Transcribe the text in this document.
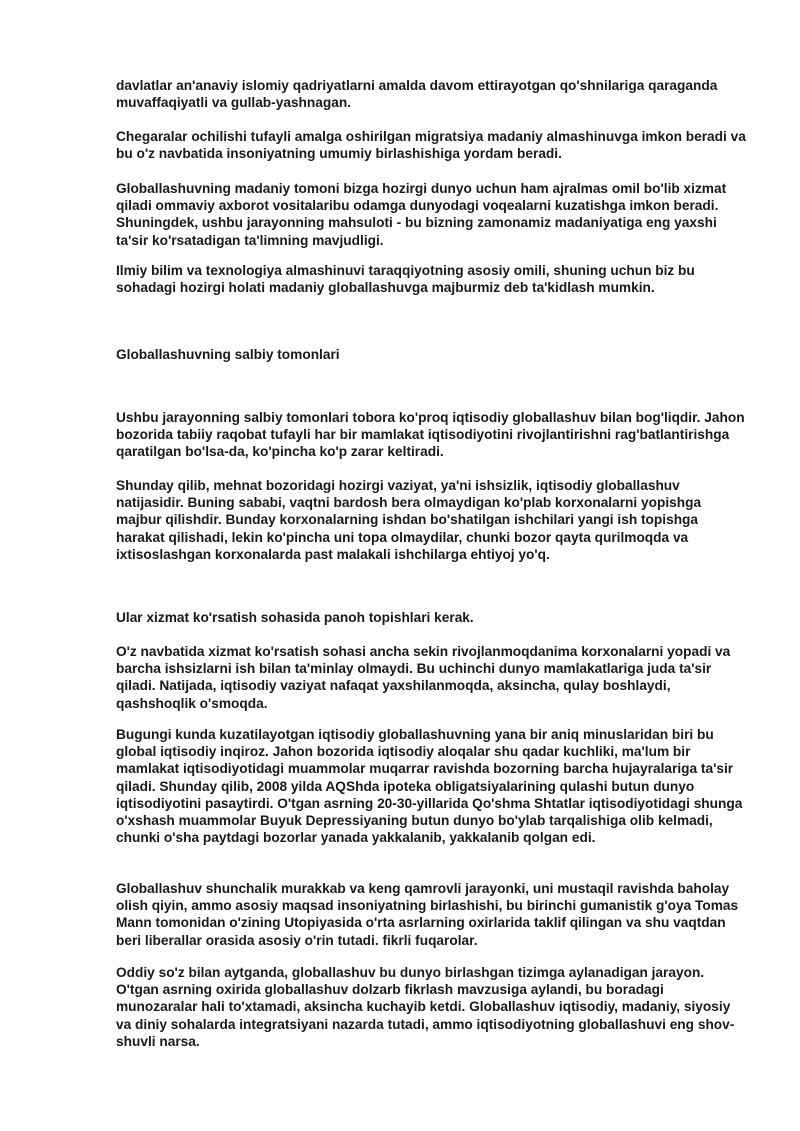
davlatlar an'anaviy islomiy qadriyatlarni amalda davom ettirayotgan qo'shnilariga qaraganda muvaffaqiyatli va gullab-yashnagan.

Chegaralar ochilishi tufayli amalga oshirilgan migratsiya madaniy almashinuvga imkon beradi va bu o'z navbatida insoniyatning umumiy birlashishiga yordam beradi.

Globallashuvning madaniy tomoni bizga hozirgi dunyo uchun ham ajralmas omil bo'lib xizmat qiladi ommaviy axborot vositalaribu odamga dunyodagi voqealarni kuzatishga imkon beradi. Shuningdek, ushbu jarayonning mahsuloti - bu bizning zamonamiz madaniyatiga eng yaxshi ta'sir ko'rsatadigan ta'limning mavjudligi.

Ilmiy bilim va texnologiya almashinuvi taraqqiyotning asosiy omili, shuning uchun biz bu sohadagi hozirgi holati madaniy globallashuvga majburmiz deb ta'kidlash mumkin.

Globallashuvning salbiy tomonlari

Ushbu jarayonning salbiy tomonlari tobora ko'proq iqtisodiy globallashuv bilan bog'liqdir. Jahon bozorida tabiiy raqobat tufayli har bir mamlakat iqtisodiyotini rivojlantirishni rag'batlantirishga qaratilgan bo'lsa-da, ko'pincha ko'p zarar keltiradi.

Shunday qilib, mehnat bozoridagi hozirgi vaziyat, ya'ni ishsizlik, iqtisodiy globallashuv natijasidir. Buning sababi, vaqtni bardosh bera olmaydigan ko'plab korxonalarni yopishga majbur qilishdir. Bunday korxonalarning ishdan bo'shatilgan ishchilari yangi ish topishga harakat qilishadi, lekin ko'pincha uni topa olmaydilar, chunki bozor qayta qurilmoqda va ixtisoslashgan korxonalarda past malakali ishchilarga ehtiyoj yo'q.

Ular xizmat ko'rsatish sohasida panoh topishlari kerak.

O'z navbatida xizmat ko'rsatish sohasi ancha sekin rivojlanmoqdanima korxonalarni yopadi va barcha ishsizlarni ish bilan ta'minlay olmaydi. Bu uchinchi dunyo mamlakatlariga juda ta'sir qiladi. Natijada, iqtisodiy vaziyat nafaqat yaxshilanmoqda, aksincha, qulay boshlaydi, qashshoqlik o'smoqda.

Bugungi kunda kuzatilayotgan iqtisodiy globallashuvning yana bir aniq minuslaridan biri bu global iqtisodiy inqiroz. Jahon bozorida iqtisodiy aloqalar shu qadar kuchliki, ma'lum bir mamlakat iqtisodiyotidagi muammolar muqarrar ravishda bozorning barcha hujayralariga ta'sir qiladi. Shunday qilib, 2008 yilda AQShda ipoteka obligatsiyalarining qulashi butun dunyo iqtisodiyotini pasaytirdi. O'tgan asrning 20-30-yillarida Qo'shma Shtatlar iqtisodiyotidagi shunga o'xshash muammolar Buyuk Depressiyaning butun dunyo bo'ylab tarqalishiga olib kelmadi, chunki o'sha paytdagi bozorlar yanada yakkalanib, yakkalanib qolgan edi.

Globallashuv shunchalik murakkab va keng qamrovli jarayonki, uni mustaqil ravishda baholay olish qiyin, ammo asosiy maqsad insoniyatning birlashishi, bu birinchi gumanistik g'oya Tomas Mann tomonidan o'zining Utopiyasida o'rta asrlarning oxirlarida taklif qilingan va shu vaqtdan beri liberallar orasida asosiy o'rin tutadi. fikrli fuqarolar.

Oddiy so'z bilan aytganda, globallashuv bu dunyo birlashgan tizimga aylanadigan jarayon. O'tgan asrning oxirida globallashuv dolzarb fikrlash mavzusiga aylandi, bu boradagi munozaralar hali to'xtamadi, aksincha kuchayib ketdi. Globallashuv iqtisodiy, madaniy, siyosiy va diniy sohalarda integratsiyani nazarda tutadi, ammo iqtisodiyotning globallashuvi eng shov-shuvli narsa.
